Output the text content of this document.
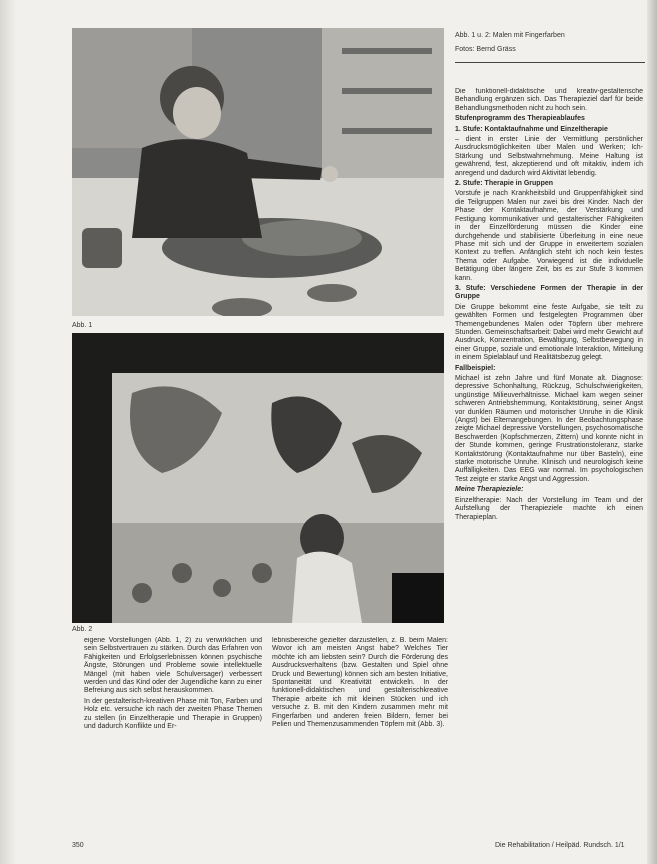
Abb. 1
Abb. 2
Abb. 1 u. 2: Malen mit Fingerfarben
Fotos: Bernd Gräss

eigene Vorstellungen (Abb. 1, 2) zu verwirklichen und sein Selbstvertrauen zu stärken. Durch das Erfahren von Fähigkeiten und Erfolgserlebnissen können psychische Ängste, Störungen und Probleme sowie intellektuelle Mängel (mit haben viele Schulversager) verbessert werden und das Kind oder der Jugendliche kann zu einer Befreiung aus sich selbst herauskommen.

In der gestalterisch-kreativen Phase mit Ton, Farben und Holz etc. versuche ich nach der zweiten Phase Themen zu stellen (in Einzeltherapie und Therapie in Gruppen) und dadurch Konflikte und Er-

lebnisbereiche gezielter darzustellen, z. B. beim Malen: Wovor ich am meisten Angst habe? Welches Tier möchte ich am liebsten sein? Durch die Förderung des Ausdrucksverhaltens (bzw. Gestalten und Spiel ohne Druck und Bewertung) können sich am besten Initiative, Spontaneität und Kreativität entwickeln. In der funktionell-didaktischen und gestalterischkreative Therapie arbeite ich mit kleinen Stücken und ich versuche z. B. mit den Kindern zusammen mehr mit Fingerfarben und anderen freien Bildern, ferner bei Pelien und Themenzusammenden Töpfern mit (Abb. 3).

Die funktionell-didaktische und kreativ-gestalterische Behandlung ergänzen sich. Das Therapieziel darf für beide Behandlungsmethoden nicht zu hoch sein.

Stufenprogramm des Therapieablaufes

1. Stufe: Kontaktaufnahme und Einzeltherapie

– dient in erster Linie der Vermittlung persönlicher Ausdrucksmöglichkeiten über Malen und Werken; Ich-Stärkung und Selbstwahrnehmung. Meine Haltung ist gewährend, fest, akzeptierend und oft mitaktiv, indem ich anregend und dadurch wird Aktivität lebendig.

2. Stufe: Therapie in Gruppen

Vorstufe je nach Krankheitsbild und Gruppenfähigkeit sind die Teilgruppen Malen nur zwei bis drei Kinder. Nach der Phase der Kontaktaufnahme, der Verstärkung und Festigung kommunikativer und gestalterischer Fähigkeiten in der Einzelförderung müssen die Kinder eine durchgehende und stabilisierte Überleitung in eine neue Phase mit sich und der Gruppe in erweitertem sozialen Kontext zu treffen. Anfänglich steht ich noch kein festes Thema oder Aufgabe. Vorwiegend ist die individuelle Betätigung über längere Zeit, bis es zur Stufe 3 kommen kann.

3. Stufe: Verschiedene Formen der Therapie in der Gruppe

Die Gruppe bekommt eine feste Aufgabe, sie teilt zu gewählten Formen und festgelegten Programmen über Themengebundenes Malen oder Töpfern über mehrere Stunden. Gemeinschaftsarbeit: Dabei wird mehr Gewicht auf Ausdruck, Konzentration, Bewältigung, Selbstbewegung in einer Gruppe, soziale und emotionale Interaktion, Mitteilung in einem Spielablauf und Realitätsbezug gelegt.

Fallbeispiel:

Michael ist zehn Jahre und fünf Monate alt. Diagnose: depressive Schonhaltung, Rückzug, Schulschwierigkeiten, ungünstige Milieuverhältnisse. Michael kam wegen seiner schweren Antriebshemmung, Kontaktstörung, seiner Angst vor dunklen Räumen und motorischer Unruhe in die Klinik (Angst) bei Elternangebungen. In der Beobachtungsphase zeigte Michael depressive Vorstellungen, psychosomatische Beschwerden (Kopfschmerzen, Zittern) und konnte nicht in der Stunde kommen, geringe Frustrationstoleranz, starke Kontaktstörung (Kontaktaufnahme nur über Basteln), eine starke motorische Unruhe. Klinisch und neurologisch keine Auffälligkeiten. Das EEG war normal. Im psychologischen Test zeigte er starke Angst und Aggression.

Meine Therapieziele:

Einzeltherapie: Nach der Vorstellung im Team und der Aufstellung der Therapieziele machte ich einen Therapieplan.

350	Die Rehabilitation / Heilpäd. Rundsch. 1/1
